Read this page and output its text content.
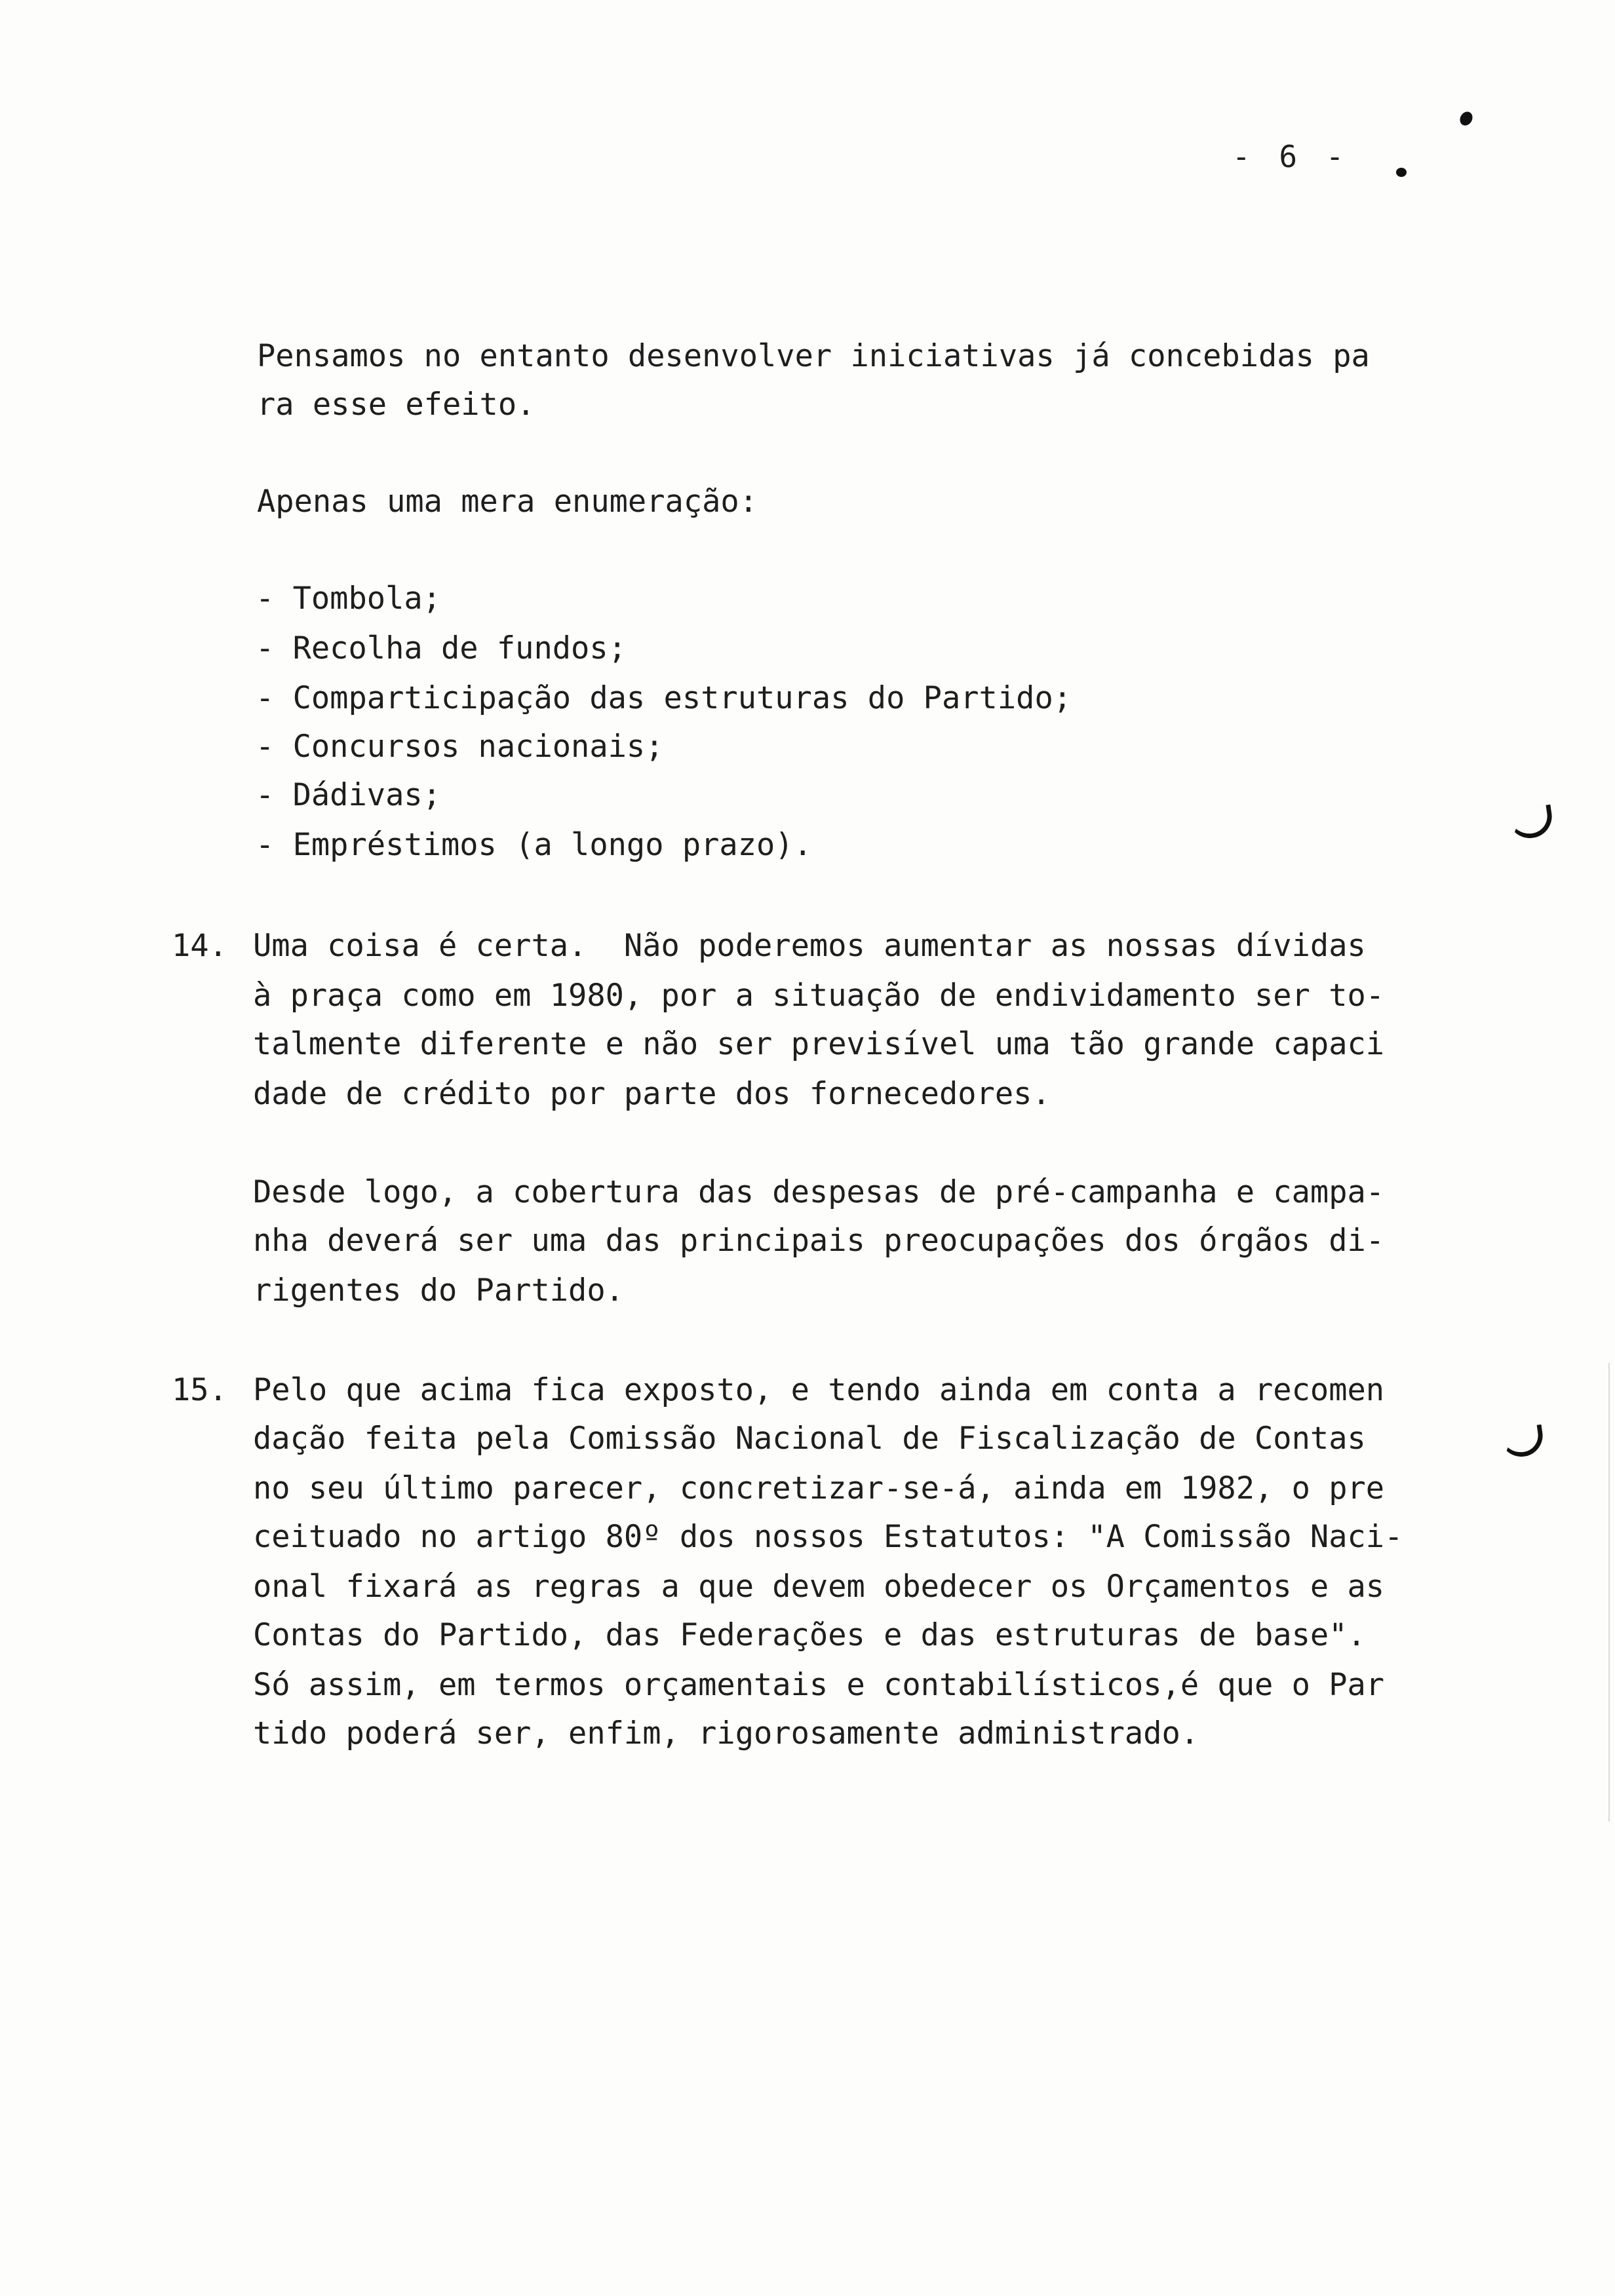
- 6 -
Pensamos no entanto desenvolver iniciativas já concebidas pa
ra esse efeito.
Apenas uma mera enumeração:
- Tombola;
- Recolha de fundos;
- Comparticipação das estruturas do Partido;
- Concursos nacionais;
- Dádivas;
- Empréstimos (a longo prazo).
14. Uma coisa é certa.  Não poderemos aumentar as nossas dívidas
à praça como em 1980, por a situação de endividamento ser to-
talmente diferente e não ser previsível uma tão grande capaci
dade de crédito por parte dos fornecedores.
Desde logo, a cobertura das despesas de pré-campanha e campa-
nha deverá ser uma das principais preocupações dos órgãos di-
rigentes do Partido.
15. Pelo que acima fica exposto, e tendo ainda em conta a recomen
dação feita pela Comissão Nacional de Fiscalização de Contas
no seu último parecer, concretizar-se-á, ainda em 1982, o pre
ceituado no artigo 80º dos nossos Estatutos: "A Comissão Naci-
onal fixará as regras a que devem obedecer os Orçamentos e as
Contas do Partido, das Federações e das estruturas de base".
Só assim, em termos orçamentais e contabilísticos,é que o Par
tido poderá ser, enfim, rigorosamente administrado.
